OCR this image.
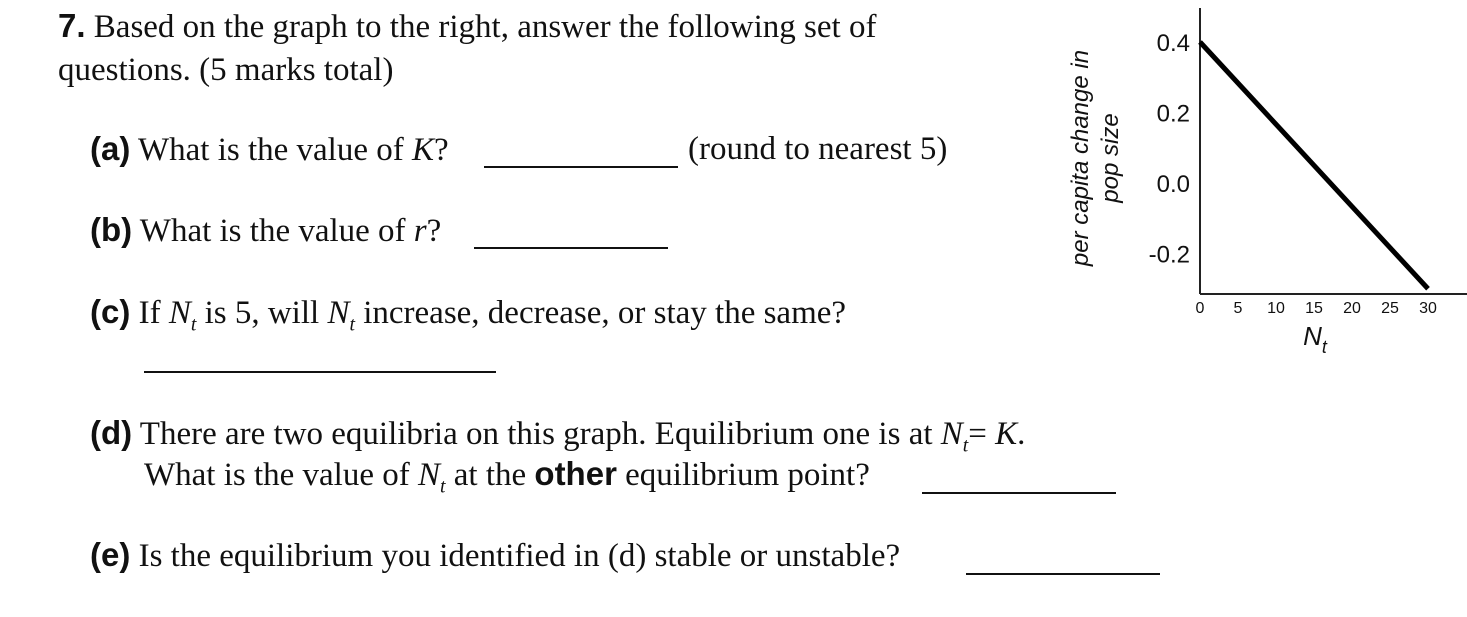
7. Based on the graph to the right, answer the following set of
questions. (5 marks total)
(a) What is the value of K?	(round to nearest 5)
(b) What is the value of r?
(c) If $N_t$ is 5, will $N_t$ increase, decrease, or stay the same?
(d) There are two equilibria on this graph. Equilibrium one is at $N_t= K$.
What is the value of $N_t$ at the other equilibrium point?
(e) Is the equilibrium you identified in (d) stable or unstable?
per capita change in pop size
0.4
0.2
0.0
-0.2
0 5 10 15 20 25 30
$N_t$
